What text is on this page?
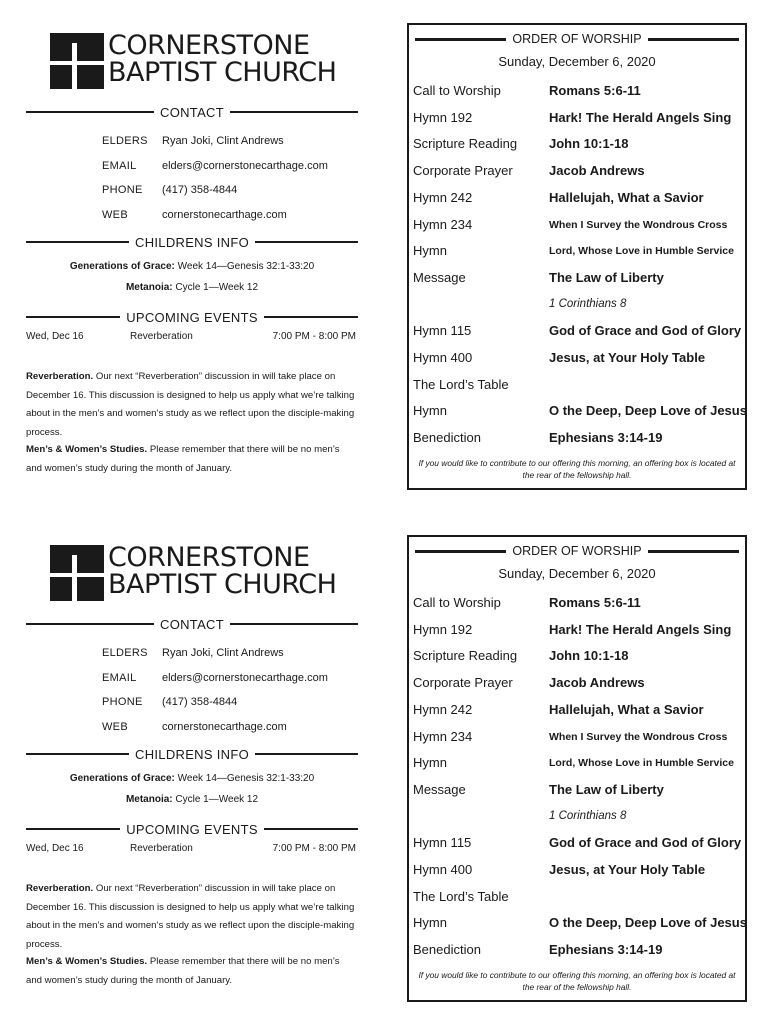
CORNERSTONE
BAPTIST CHURCH
CONTACT
ELDERS Ryan Joki, Clint Andrews
EMAIL elders@cornerstonecarthage.com
PHONE (417) 358-4844
WEB	cornerstonecarthage.com
CHILDRENS INFO
Generations of Grace: Week 14—Genesis 32:1-33:20
Metanoia: Cycle 1—Week 12
UPCOMING EVENTS
Wed, Dec 16	Reverberation	7:00 PM - 8:00 PM
Reverberation. Our next “Reverberation” discussion in will take place on December 16. This discussion is designed to help us apply what we’re talking about in the men’s and women’s study as we reflect upon the disciple-making process.
Men’s & Women’s Studies. Please remember that there will be no men’s and women’s study during the month of January.
ORDER OF WORSHIP
Sunday, December 6, 2020
Call to Worship	Romans 5:6-11
Hymn 192	Hark! The Herald Angels Sing
Scripture Reading John 10:1-18
Corporate Prayer	Jacob Andrews
Hymn 242	Hallelujah, What a Savior
Hymn 234	When I Survey the Wondrous Cross
Hymn	Lord, Whose Love in Humble Service
Message	The Law of Liberty
1 Corinthians 8
Hymn 115	God of Grace and God of Glory
Hymn 400	Jesus, at Your Holy Table
The Lord’s Table
Hymn	O the Deep, Deep Love of Jesus
Benediction	Ephesians 3:14-19
If you would like to contribute to our offering this morning, an offering box is located at the rear of the fellowship hall.
CORNERSTONE
BAPTIST CHURCH
CONTACT
ELDERS Ryan Joki, Clint Andrews
EMAIL elders@cornerstonecarthage.com
PHONE (417) 358-4844
WEB	cornerstonecarthage.com
CHILDRENS INFO
Generations of Grace: Week 14—Genesis 32:1-33:20
Metanoia: Cycle 1—Week 12
UPCOMING EVENTS
Wed, Dec 16	Reverberation	7:00 PM - 8:00 PM
Reverberation. Our next “Reverberation” discussion in will take place on December 16. This discussion is designed to help us apply what we’re talking about in the men’s and women’s study as we reflect upon the disciple-making process.
Men’s & Women’s Studies. Please remember that there will be no men’s and women’s study during the month of January.
ORDER OF WORSHIP
Sunday, December 6, 2020
Call to Worship	Romans 5:6-11
Hymn 192	Hark! The Herald Angels Sing
Scripture Reading John 10:1-18
Corporate Prayer	Jacob Andrews
Hymn 242	Hallelujah, What a Savior
Hymn 234	When I Survey the Wondrous Cross
Hymn	Lord, Whose Love in Humble Service
Message	The Law of Liberty
1 Corinthians 8
Hymn 115	God of Grace and God of Glory
Hymn 400	Jesus, at Your Holy Table
The Lord’s Table
Hymn	O the Deep, Deep Love of Jesus
Benediction	Ephesians 3:14-19
If you would like to contribute to our offering this morning, an offering box is located at the rear of the fellowship hall.
